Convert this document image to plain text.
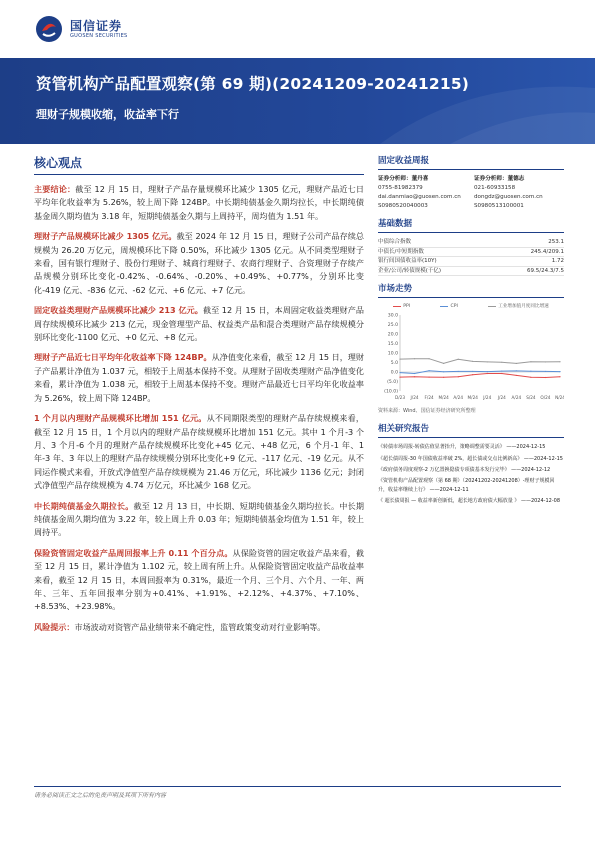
国信证券
GUOSEN SECURITIES
资管机构产品配置观察(第 69 期)(20241209-20241215)
理财子规模收缩，收益率下行
核心观点
主要结论：截至 12 月 15 日，理财子产品存量规模环比减少 1305 亿元，理财产品近七日平均年化收益率为 5.26%，较上周下降 124BP。中长期纯债基金久期均拉长，中长期纯债基金周久期均值为 3.18 年，短期纯债基金久期与上周持平，周均值为 1.51 年。
理财子产品规模环比减少 1305 亿元。截至 2024 年 12 月 15 日，理财子公司产品存续总规模为 26.20 万亿元，周规模环比下降 0.50%，环比减少 1305 亿元。从不同类型理财子来看，国有银行理财子、股份行理财子、城商行理财子、农商行理财子、合资理财子存续产品规模分别环比变化-0.42%、-0.64%、-0.20%、+0.49%、+0.77%，分别环比变化-419 亿元、-836 亿元、-62 亿元、+6 亿元、+7 亿元。
固定收益类理财产品规模环比减少 213 亿元。截至 12 月 15 日，本周固定收益类理财产品周存续规模环比减少 213 亿元，现金管理型产品、权益类产品和混合类理财产品存续规模分别环比变化-1100 亿元、+0 亿元、+8 亿元。
理财子产品近七日平均年化收益率下降 124BP。从净值变化来看，截至 12 月 15 日，理财子产品累计净值为 1.037 元，相较于上周基本保持不变。从理财子固收类理财产品净值变化来看，累计净值为 1.038 元，相较于上周基本保持不变。理财产品最近七日平均年化收益率为 5.26%，较上周下降 124BP。
1 个月以内理财产品规模环比增加 151 亿元。从不同期限类型的理财产品存续规模来看，截至 12 月 15 日，1 个月以内的理财产品存续规模环比增加 151 亿元。其中 1 个月-3 个月、3 个月-6 个月的理财产品存续规模环比变化+45 亿元、+48 亿元，6 个月-1 年、1 年-3 年、3 年以上的理财产品存续规模分别环比变化+9 亿元、-117 亿元、-19 亿元。从不同运作模式来看，开放式净值型产品存续规模为 21.46 万亿元，环比减少 1136 亿元；封闭式净值型产品存续规模为 4.74 万亿元，环比减少 168 亿元。
中长期纯债基金久期拉长。截至 12 月 13 日，中长期、短期纯债基金久期均拉长。中长期纯债基金周久期均值为 3.22 年，较上周上升 0.03 年；短期纯债基金均值为 1.51 年，较上周持平。
保险资管固定收益产品周回报率上升 0.11 个百分点。从保险资管的固定收益产品来看，截至 12 月 15 日，累计净值为 1.102 元，较上周有所上升。从保险资管固定收益产品收益率来看，截至 12 月 15 日，本周回报率为 0.31%，最近一个月、三个月、六个月、一年、两年、三年、五年回报率分别为+0.41%、+1.91%、+2.12%、+4.37%、+7.10%、+8.53%、+23.98%。
风险提示：市场波动对资管产品业绩带来不确定性，监管政策变动对行业影响等。
固定收益周报
证券分析师：董丹喜
0755-81982379
dai.danmiao@guosen.com.cn
S0980520040003
证券分析师：董德志
021-60933158
dongdz@guosen.com.cn
S0980513100001
基础数据
中债综合指数	253.1
中债长/中短期指数	245.4/209.1
银行间国债收益率(10Y)	1.72
企业/公司/转债规模(千亿)	69.5/24.3/7.5
市场走势
PPI	CPI	工业增加值月度同比增速
30.0
25.0
20.0
15.0
10.0
5.0
0.0
(5.0)
(10.0)
D/23 J/24 F/24 M/24 A/24 M/24 J/24 J/24 A/24 S/24 O/24 N/24
资料来源：Wind、国信证券经济研究所整理
相关研究报告
《转债市场周报-转债估值显著抬升，策略调整需要灵活》 ——2024-12-15
《超长债周报-30 年国债收益率破 2%，超长债或交点比例新高》 ——2024-12-15
《政府债务周度观察-2 万亿置换隐债专项债基本发行完毕》 ——2024-12-12
《资管机构产品配置观察（第 68 期）（20241202-20241208）-理财子规模回升，收益率继续上行》 ——2024-12-11
《 超长债周报 — 收益率新创新低，超长地方政府债大幅放量 》 ——2024-12-08
请务必阅读正文之后的免责声明及其项下所有内容
